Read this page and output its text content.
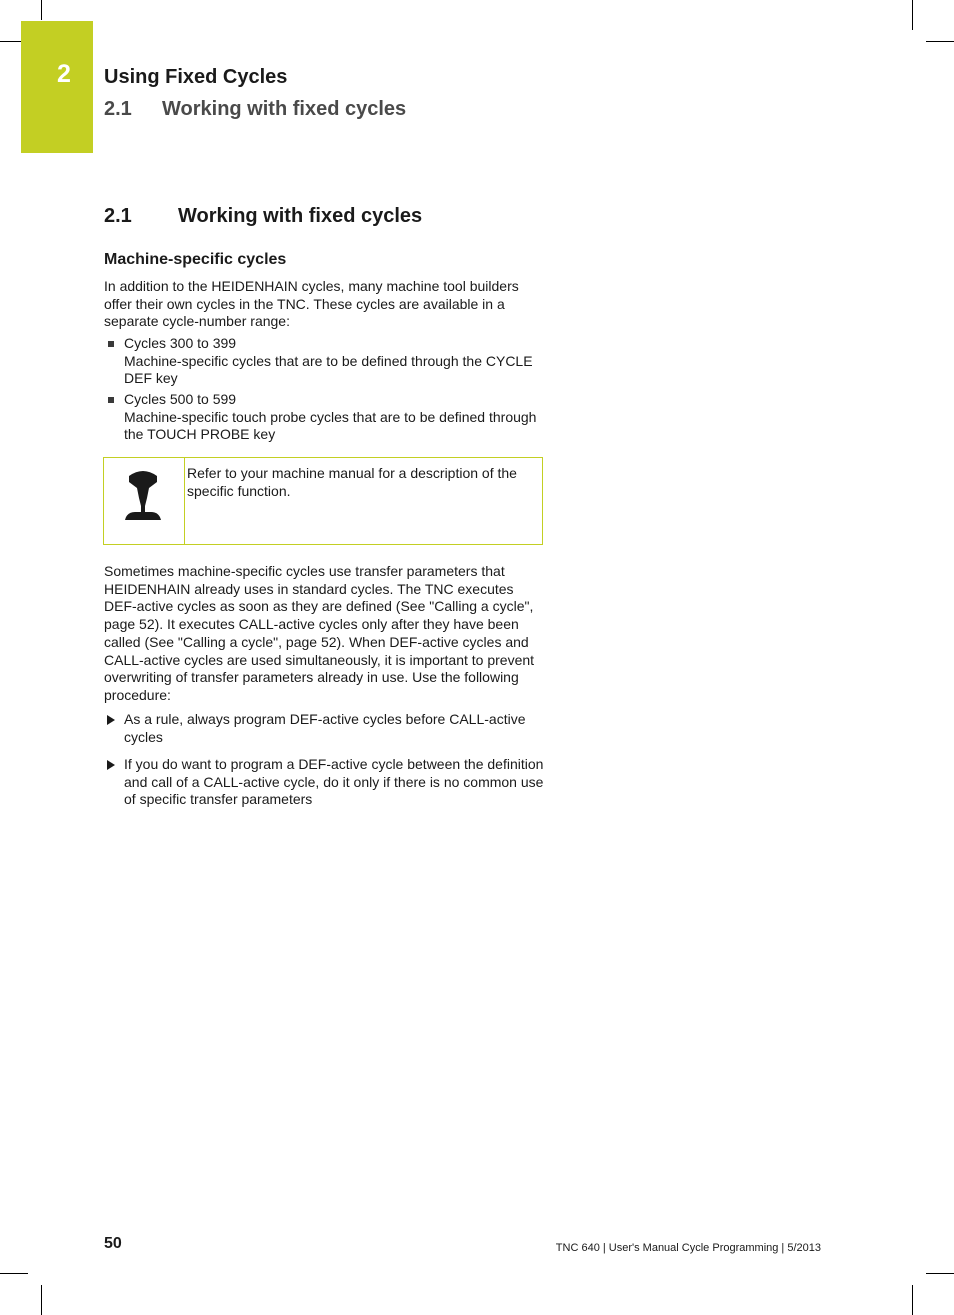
2 Using Fixed Cycles
2.1 Working with fixed cycles
2.1 Working with fixed cycles
Machine-specific cycles
In addition to the HEIDENHAIN cycles, many machine tool builders offer their own cycles in the TNC. These cycles are available in a separate cycle-number range:
Cycles 300 to 399
Machine-specific cycles that are to be defined through the CYCLE DEF key
Cycles 500 to 599
Machine-specific touch probe cycles that are to be defined through the TOUCH PROBE key
Refer to your machine manual for a description of the specific function.
Sometimes machine-specific cycles use transfer parameters that HEIDENHAIN already uses in standard cycles. The TNC executes DEF-active cycles as soon as they are defined (See "Calling a cycle", page 52). It executes CALL-active cycles only after they have been called (See "Calling a cycle", page 52). When DEF-active cycles and CALL-active cycles are used simultaneously, it is important to prevent overwriting of transfer parameters already in use. Use the following procedure:
As a rule, always program DEF-active cycles before CALL-active cycles
If you do want to program a DEF-active cycle between the definition and call of a CALL-active cycle, do it only if there is no common use of specific transfer parameters
50	TNC 640 | User's Manual Cycle Programming | 5/2013
